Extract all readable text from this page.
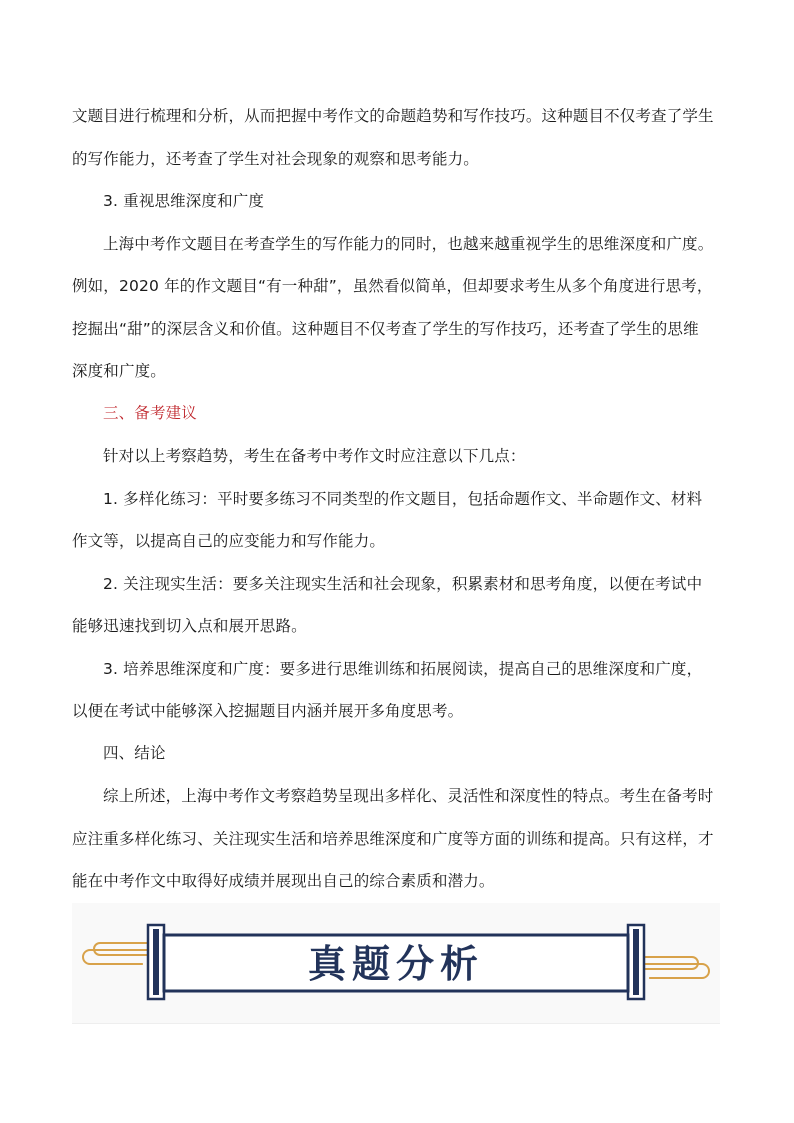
文题目进行梳理和分析，从而把握中考作文的命题趋势和写作技巧。这种题目不仅考查了学生
的写作能力，还考查了学生对社会现象的观察和思考能力。
3. 重视思维深度和广度
上海中考作文题目在考查学生的写作能力的同时，也越来越重视学生的思维深度和广度。
例如，2020 年的作文题目“有一种甜”，虽然看似简单，但却要求考生从多个角度进行思考，
挖掘出“甜”的深层含义和价值。这种题目不仅考查了学生的写作技巧，还考查了学生的思维
深度和广度。
三、备考建议
针对以上考察趋势，考生在备考中考作文时应注意以下几点：
1. 多样化练习：平时要多练习不同类型的作文题目，包括命题作文、半命题作文、材料
作文等，以提高自己的应变能力和写作能力。
2. 关注现实生活：要多关注现实生活和社会现象，积累素材和思考角度，以便在考试中
能够迅速找到切入点和展开思路。
3. 培养思维深度和广度：要多进行思维训练和拓展阅读，提高自己的思维深度和广度，
以便在考试中能够深入挖掘题目内涵并展开多角度思考。
四、结论
综上所述，上海中考作文考察趋势呈现出多样化、灵活性和深度性的特点。考生在备考时
应注重多样化练习、关注现实生活和培养思维深度和广度等方面的训练和提高。只有这样，才
能在中考作文中取得好成绩并展现出自己的综合素质和潜力。
真题分析
